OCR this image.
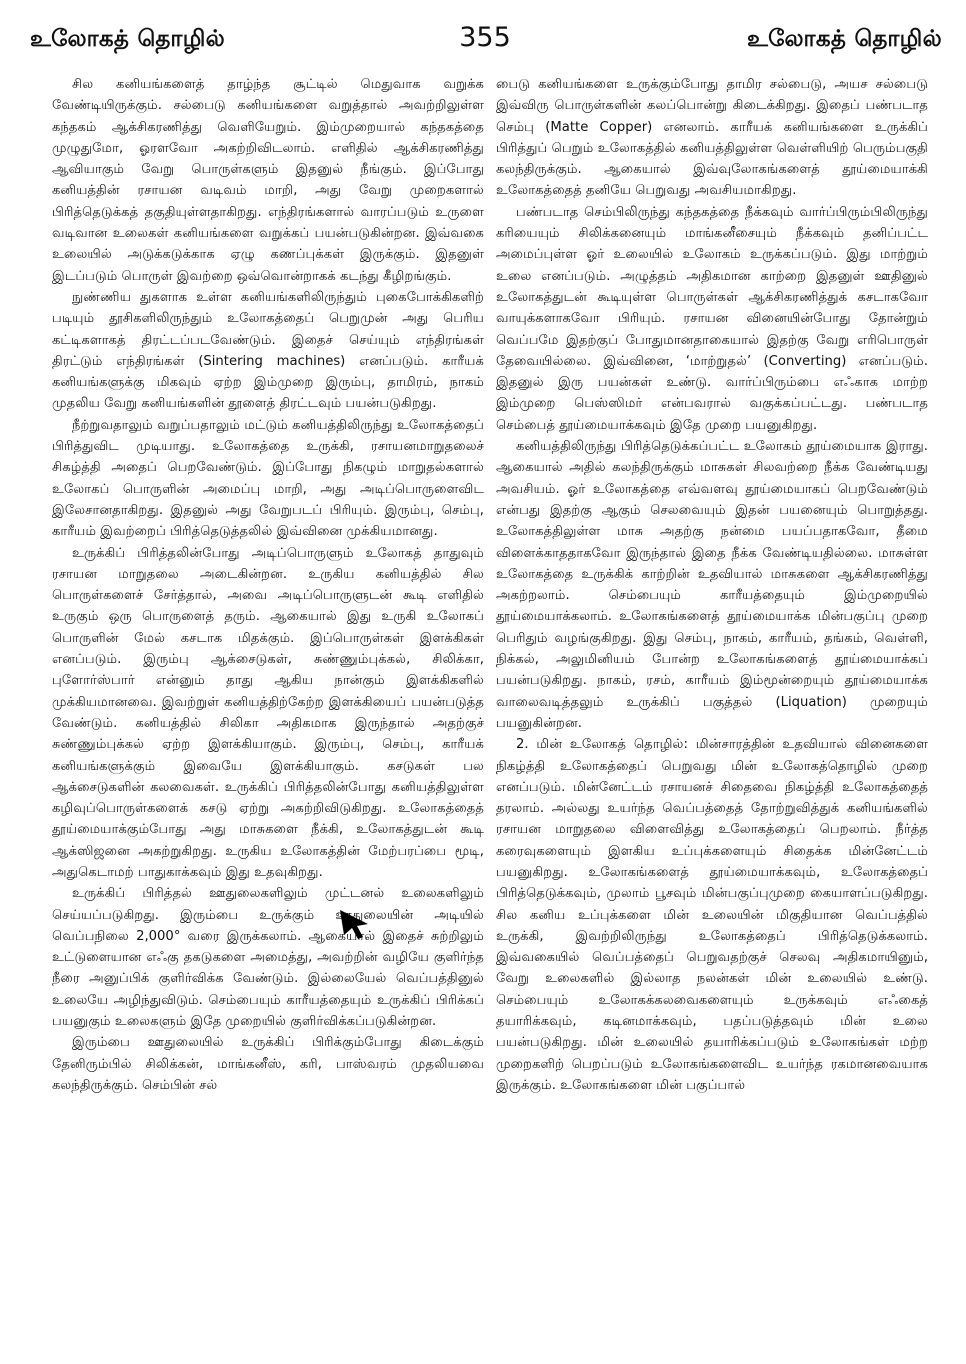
உலோகத் தொழில்	355	உலோகத் தொழில்

சில கனியங்களைத் தாழ்ந்த சூட்டில் மெதுவாக வறுக்க வேண்டியிருக்கும். சல்பைடு கனியங்களை வறுத்தால் அவற்றிலுள்ள கந்தகம் ஆக்சிகரணித்து வெளியேறும். இம்முறையால் கந்தகத்தை முழுதுமோ, ஓரளவோ அகற்றிவிடலாம். எளிதில் ஆக்சிகரணித்து ஆவியாகும் வேறு பொருள்களும் இதனுல் நீங்கும். இப்போது கனியத்தின் ரசாயன வடிவம் மாறி, அது வேறு முறைகளால் பிரித்தெடுக்கத் தகுதியுள்ளதாகிறது. எந்திரங்களால் வாரப்படும் உருளை வடிவான உலைகள் கனியங்களை வறுக்கப் பயன்படுகின்றன. இவ்வகை உலையில் அடுக்கடுக்காக ஏழு கணப்புக்கள் இருக்கும். இதனுள் இடப்படும் பொருள் இவற்றை ஒவ்வொன்றாகக் கடந்து கீழிறங்கும்.

நுண்ணிய துகளாக உள்ள கனியங்களிலிருந்தும் புகைபோக்கிகளிற் படியும் தூசிகளிலிருந்தும் உலோகத்தைப் பெறுமுன் அது பெரிய கட்டிகளாகத் திரட்டப்படவேண்டும். இதைச் செய்யும் எந்திரங்கள் திரட்டும் எந்திரங்கள் (Sintering machines) எனப்படும். காரீயக் கனியங்களுக்கு மிகவும் ஏற்ற இம்முறை இரும்பு, தாமிரம், நாகம் முதலிய வேறு கனியங்களின் தூளைத் திரட்டவும் பயன்படுகிறது.

நீற்றுவதாலும் வறுப்பதாலும் மட்டும் கனியத்திலிருந்து உலோகத்தைப் பிரித்துவிட முடியாது. உலோகத்தை உருக்கி, ரசாயனமாறுதலைச் சிகழ்த்தி அதைப் பெறவேண்டும். இப்போது நிகழும் மாறுதல்களால் உலோகப் பொருளின் அமைப்பு மாறி, அது அடிப்பொருளைவிட இலேசானதாகிறது. இதனுல் அது வேறுபடப் பிரியும். இரும்பு, செம்பு, காரீயம் இவற்றைப் பிரித்தெடுத்தலில் இவ்வினை முக்கியமானது.

உருக்கிப் பிரித்தலின்போது அடிப்பொருளும் உலோகத் தாதுவும் ரசாயன மாறுதலை அடைகின்றன. உருகிய கனியத்தில் சில பொருள்களைச் சேர்த்தால், அவை அடிப்பொருளுடன் கூடி எளிதில் உருகும் ஒரு பொருளைத் தரும். ஆகையால் இது உருகி உலோகப் பொருளின் மேல் கசடாக மிதக்கும். இப்பொருள்கள் இளக்கிகள் எனப்படும். இரும்பு ஆக்சைடுகள், சுண்ணும்புக்கல், சிலிக்கா, புளோர்ஸ்பார் என்னும் தாது ஆகிய நான்கும் இளக்கிகளில் முக்கியமானவை. இவற்றுள் கனியத்திற்கேற்ற இளக்கியைப் பயன்படுத்த வேண்டும். கனியத்தில் சிலிகா அதிகமாக இருந்தால் அதற்குச் சுண்ணும்புக்கல் ஏற்ற இளக்கியாகும். இரும்பு, செம்பு, காரீயக் கனியங்களுக்கும் இவையே இளக்கியாகும். கசடுகள் பல ஆக்சைடுகளின் கலவைகள். உருக்கிப் பிரித்தலின்போது கனியத்திலுள்ள கழிவுப்பொருள்களைக் கசடு ஏற்று அகற்றிவிடுகிறது. உலோகத்தைத் தூய்மையாக்கும்போது அது மாசுகளை நீக்கி, உலோகத்துடன் கூடி ஆக்ஸிஜனை அகற்றுகிறது. உருகிய உலோகத்தின் மேற்பரப்பை மூடி, அதுகெடாமற் பாதுகாக்கவும் இது உதவுகிறது.

உருக்கிப் பிரித்தல் ஊதுலைகளிலும் முட்டனல் உலைகளிலும் செய்யப்படுகிறது. இரும்பை உருக்கும் ஊதுலையின் அடியில் வெப்பநிலை 2,000° வரை இருக்கலாம். ஆகையால் இதைச் சுற்றிலும் உட்டுளையான எஃகு தகடுகளை அமைத்து, அவற்றின் வழியே குளிர்ந்த நீரை அனுப்பிக் குளிர்விக்க வேண்டும். இல்லையேல் வெப்பத்தினுல் உலையே அழிந்துவிடும். செம்பையும் காரீயத்தையும் உருக்கிப் பிரிக்கப் பயனுகும் உலைகளும் இதே முறையில் குளிர்விக்கப்படுகின்றன.

இரும்பை ஊதுலையில் உருக்கிப் பிரிக்கும்போது கிடைக்கும் தேனிரும்பில் சிலிக்கன், மாங்கனீஸ், கரி, பாஸ்வரம் முதலியவை கலந்திருக்கும். செம்பின் சல்

பைடு கனியங்களை உருக்கும்போது தாமிர சல்பைடு, அயச சல்பைடு இவ்விரு பொருள்களின் கலப்பொன்று கிடைக்கிறது. இதைப் பண்படாத செம்பு (Matte Copper) எனலாம். காரீயக் கனியங்களை உருக்கிப் பிரித்துப் பெறும் உலோகத்தில் கனியத்திலுள்ள வெள்ளியிற் பெரும்பகுதி கலந்திருக்கும். ஆகையால் இவ்வுலோகங்களைத் தூய்மையாக்கி உலோகத்தைத் தனியே பெறுவது அவசியமாகிறது.

பண்படாத செம்பிலிருந்து கந்தகத்தை நீக்கவும் வார்ப்பிரும்பிலிருந்து கரியையும் சிலிக்கனையும் மாங்கனீசையும் நீக்கவும் தனிப்பட்ட அமைப்புள்ள ஓர் உலையில் உலோகம் உருக்கப்படும். இது மாற்றும் உலை எனப்படும். அழுத்தம் அதிகமான காற்றை இதனுள் ஊதினுல் உலோகத்துடன் கூடியுள்ள பொருள்கள் ஆக்சிகரணித்துக் கசடாகவோ வாயுக்களாகவோ பிரியும். ரசாயன வினையின்போது தோன்றும் வெப்பமே இதற்குப் போதுமானதாகையால் இதற்கு வேறு எரிபொருள் தேவையில்லை. இவ்வினை, ‘மாற்றுதல்’ (Converting) எனப்படும். இதனுல் இரு பயன்கள் உண்டு. வார்ப்பிரும்பை எஃகாக மாற்ற இம்முறை பெஸ்ஸிமர் என்பவரால் வகுக்கப்பட்டது. பண்படாத செம்பைத் தூய்மையாக்கவும் இதே முறை பயனுகிறது.

கனியத்திலிருந்து பிரித்தெடுக்கப்பட்ட உலோகம் தூய்மையாக இராது. ஆகையால் அதில் கலந்திருக்கும் மாசுகள் சிலவற்றை நீக்க வேண்டியது அவசியம். ஓர் உலோகத்தை எவ்வளவு தூய்மையாகப் பெறவேண்டும் என்பது இதற்கு ஆகும் செலவையும் இதன் பயனையும் பொறுத்தது. உலோகத்திலுள்ள மாசு அதற்கு நன்மை பயப்பதாகவோ, தீமை விளைக்காததாகவோ இருந்தால் இதை நீக்க வேண்டியதில்லை. மாசுள்ள உலோகத்தை உருக்கிக் காற்றின் உதவியால் மாசுகளை ஆக்சிகரணித்து அகற்றலாம். செம்பையும் காரீயத்தையும் இம்முறையில் தூய்மையாக்கலாம். உலோகங்களைத் தூய்மையாக்க மின்பகுப்பு முறை பெரிதும் வழங்குகிறது. இது செம்பு, நாகம், காரீயம், தங்கம், வெள்ளி, நிக்கல், அலுமினியம் போன்ற உலோகங்களைத் தூய்மையாக்கப் பயன்படுகிறது. நாகம், ரசம், காரீயம் இம்மூன்றையும் தூய்மையாக்க வாலைவடித்தலும் உருக்கிப் பகுத்தல் (Liquation) முறையும் பயனுகின்றன.

2. மின் உலோகத் தொழில்: மின்சாரத்தின் உதவியால் வினைகளை நிகழ்த்தி உலோகத்தைப் பெறுவது மின் உலோகத்தொழில் முறை எனப்படும். மின்னேட்டம் ரசாயனச் சிதைவை நிகழ்த்தி உலோகத்தைத் தரலாம். அல்லது உயர்ந்த வெப்பத்தைத் தோற்றுவித்துக் கனியங்களில் ரசாயன மாறுதலை விளைவித்து உலோகத்தைப் பெறலாம். நீர்த்த கரைவுகளையும் இளகிய உப்புக்களையும் சிதைக்க மின்னேட்டம் பயனுகிறது. உலோகங்களைத் தூய்மையாக்கவும், உலோகத்தைப் பிரித்தெடுக்கவும், முலாம் பூசவும் மின்பகுப்புமுறை கையாளப்படுகிறது. சில கனிய உப்புக்களை மின் உலையின் மிகுதியான வெப்பத்தில் உருக்கி, இவற்றிலிருந்து உலோகத்தைப் பிரித்தெடுக்கலாம். இவ்வகையில் வெப்பத்தைப் பெறுவதற்குச் செலவு அதிகமாயினும், வேறு உலைகளில் இல்லாத நலன்கள் மின் உலையில் உண்டு. செம்பையும் உலோகக்கலவைகளையும் உருக்கவும் எஃகைத் தயாரிக்கவும், கடினமாக்கவும், பதப்படுத்தவும் மின் உலை பயன்படுகிறது. மின் உலையில் தயாரிக்கப்படும் உலோகங்கள் மற்ற முறைகளிற் பெறப்படும் உலோகங்களைவிட உயர்ந்த ரகமானவையாக இருக்கும். உலோகங்களை மின் பகுப்பால்
